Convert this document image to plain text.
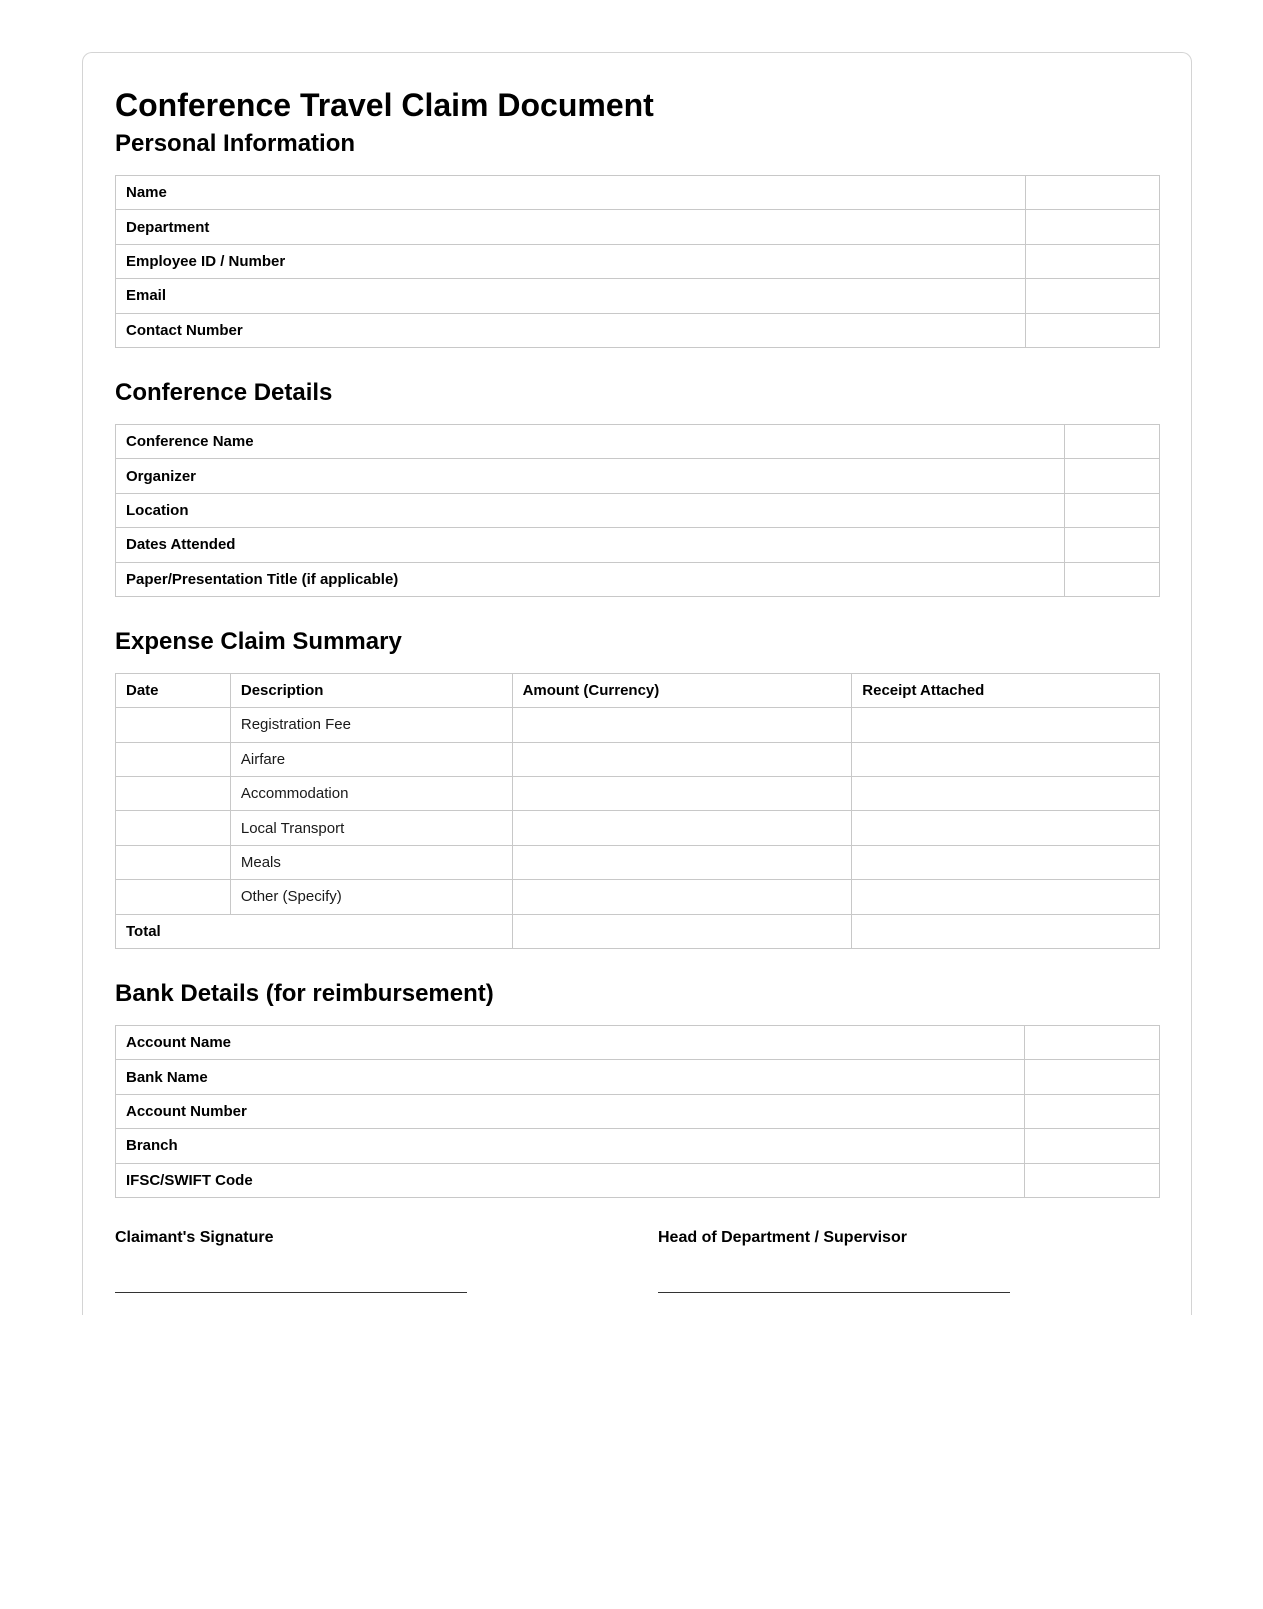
Conference Travel Claim Document
Personal Information
Name	
Department	
Employee ID / Number	
Email	
Contact Number	
Conference Details
Conference Name	
Organizer	
Location	
Dates Attended	
Paper/Presentation Title (if applicable)	
Expense Claim Summary
Date	Description	Amount (Currency)	Receipt Attached
	Registration Fee		
	Airfare		
	Accommodation		
	Local Transport		
	Meals		
	Other (Specify)		
Total			
Bank Details (for reimbursement)
Account Name	
Bank Name	
Account Number	
Branch	
IFSC/SWIFT Code	
Claimant's Signature	Head of Department / Supervisor
